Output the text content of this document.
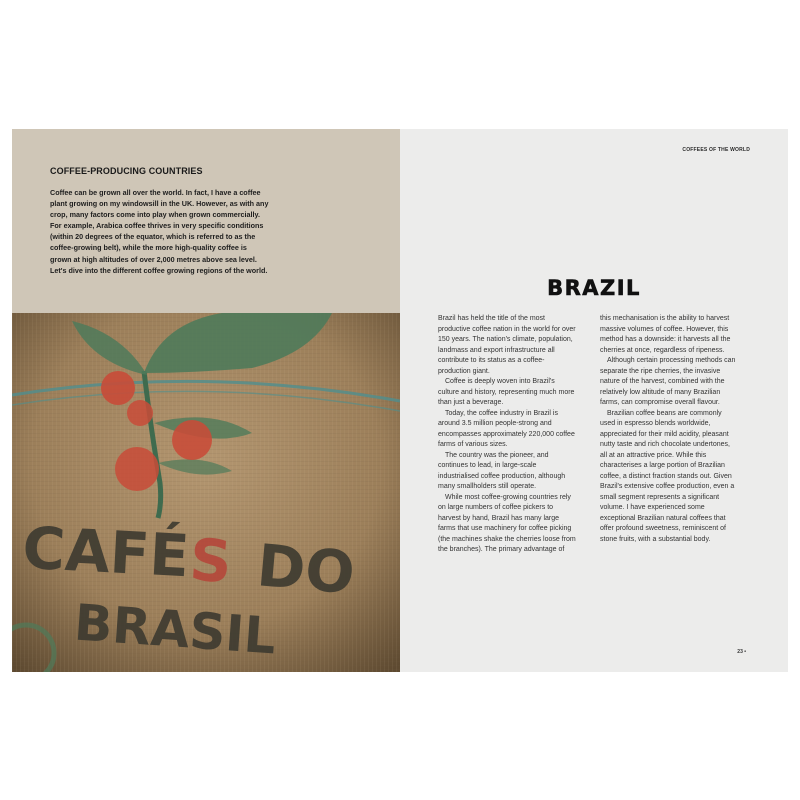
COFFEE-PRODUCING COUNTRIES

Coffee can be grown all over the world. In fact, I have a coffee plant growing on my windowsill in the UK. However, as with any crop, many factors come into play when grown commercially. For example, Arabica coffee thrives in very specific conditions (within 20 degrees of the equator, which is referred to as the coffee-growing belt), while the more high-quality coffee is grown at high altitudes of over 2,000 metres above sea level. Let's dive into the different coffee growing regions of the world.

CAFÉ
S DO
BRASIL
COFFEES OF THE WORLD
BRAZIL

Brazil has held the title of the most productive coffee nation in the world for over 150 years. The nation's climate, population, landmass and export infrastructure all contribute to its status as a coffee-production giant.

Coffee is deeply woven into Brazil's culture and history, representing much more than just a beverage.

Today, the coffee industry in Brazil is around 3.5 million people-strong and encompasses approximately 220,000 coffee farms of various sizes.

The country was the pioneer, and continues to lead, in large-scale industrialised coffee production, although many smallholders still operate.

While most coffee-growing countries rely on large numbers of coffee pickers to harvest by hand, Brazil has many large farms that use machinery for coffee picking (the machines shake the cherries loose from the branches). The primary advantage of

this mechanisation is the ability to harvest massive volumes of coffee. However, this method has a downside: it harvests all the cherries at once, regardless of ripeness.

Although certain processing methods can separate the ripe cherries, the invasive nature of the harvest, combined with the relatively low altitude of many Brazilian farms, can compromise overall flavour.

Brazilian coffee beans are commonly used in espresso blends worldwide, appreciated for their mild acidity, pleasant nutty taste and rich chocolate undertones, all at an attractive price. While this characterises a large portion of Brazilian coffee, a distinct fraction stands out. Given Brazil's extensive coffee production, even a small segment represents a significant volume. I have experienced some exceptional Brazilian natural coffees that offer profound sweetness, reminiscent of stone fruits, with a substantial body.

23 •
